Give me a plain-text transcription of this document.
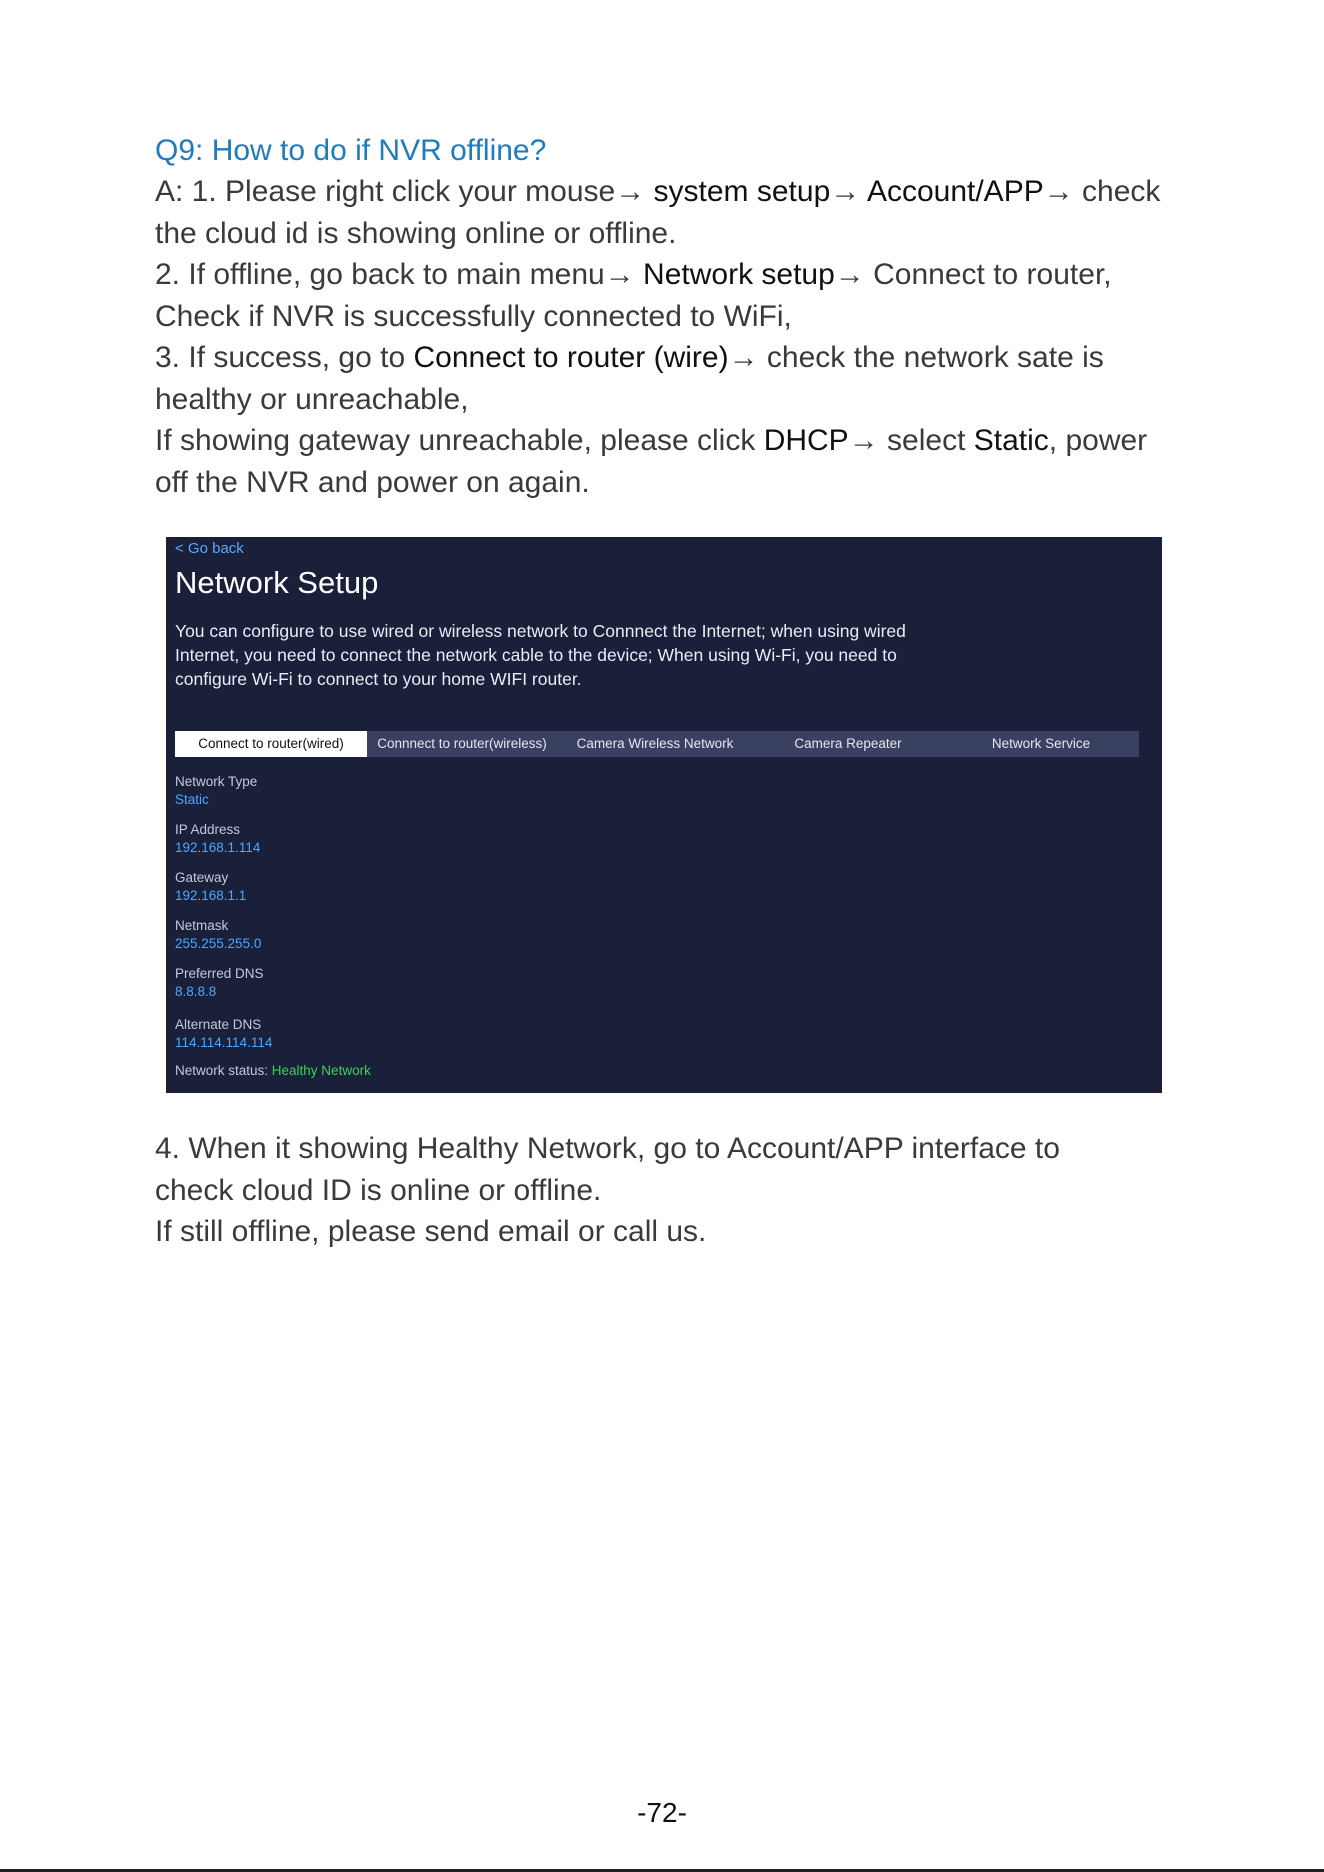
Q9: How to do if NVR offline?
A: 1. Please right click your mouse→ system setup→ Account/APP→ check
the cloud id is showing online or offline.
2. If offline, go back to main menu→ Network setup→ Connect to router,
Check if NVR is successfully connected to WiFi,
3. If success, go to Connect to router (wire)→ check the network sate is
healthy or unreachable,
If showing gateway unreachable, please click DHCP→ select Static, power
off the NVR and power on again.
< Go back
Network Setup
You can configure to use wired or wireless network to Connnect the Internet; when using wired Internet, you need to connect the network cable to the device; When using Wi-Fi, you need to configure Wi-Fi to connect to your home WIFI router.
Connect to router(wired)	Connnect to router(wireless)	Camera Wireless Network	Camera Repeater	Network Service
Network Type
Static
IP Address
192.168.1.114
Gateway
192.168.1.1
Netmask
255.255.255.0
Preferred DNS
8.8.8.8
Alternate DNS
114.114.114.114
Network status: Healthy Network
4. When it showing Healthy Network, go to Account/APP interface to
check cloud ID is online or offline.
If still offline, please send email or call us.
-72-
